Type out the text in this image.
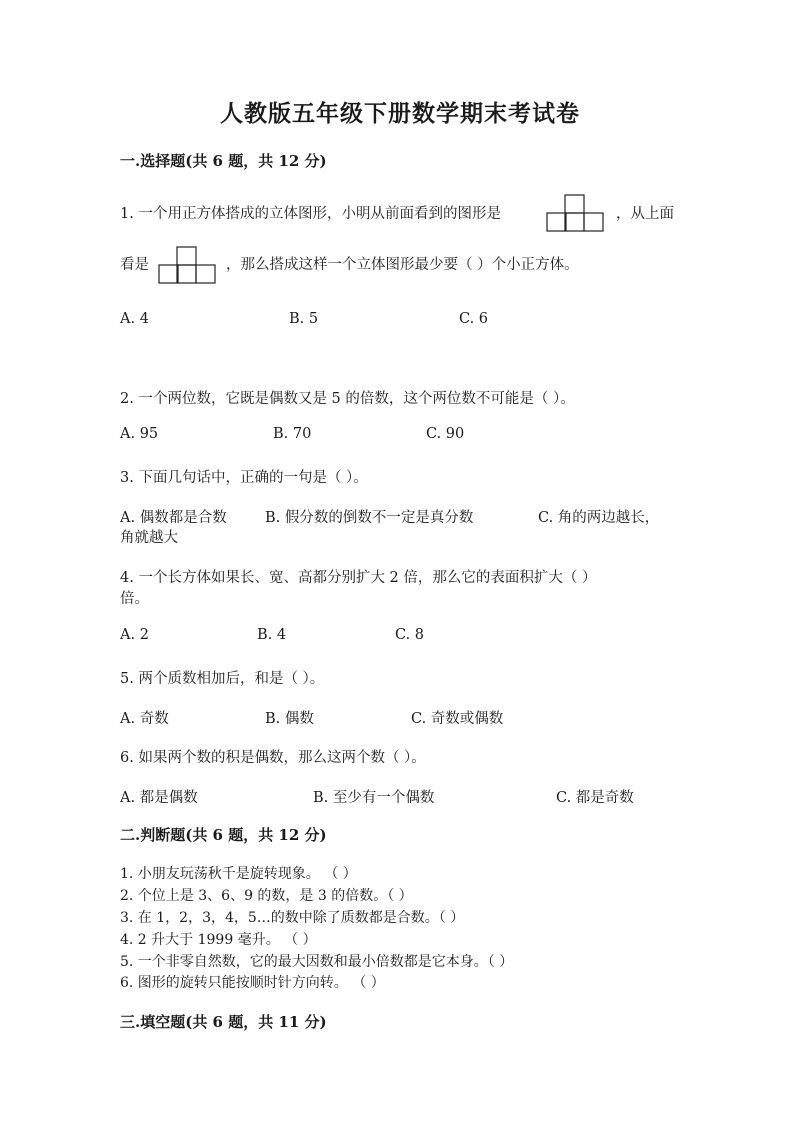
人教版五年级下册数学期末考试卷
一.选择题(共 6 题，共 12 分)
1. 一个用正方体搭成的立体图形，小明从前面看到的图形是	，从上面
看是	，那么搭成这样一个立体图形最少要（ ）个小正方体。
A. 4	B. 5	C. 6
2. 一个两位数，它既是偶数又是 5 的倍数，这个两位数不可能是（ ）。
A. 95	B. 70	C. 90
3. 下面几句话中，正确的一句是（ ）。
A. 偶数都是合数	B. 假分数的倒数不一定是真分数	C. 角的两边越长，
角就越大
4. 一个长方体如果长、宽、高都分别扩大 2 倍，那么它的表面积扩大（ ）
倍。
A. 2	B. 4	C. 8
5. 两个质数相加后，和是（ ）。
A. 奇数	B. 偶数	C. 奇数或偶数
6. 如果两个数的积是偶数，那么这两个数（ ）。
A. 都是偶数	B. 至少有一个偶数	C. 都是奇数
二.判断题(共 6 题，共 12 分)
1. 小朋友玩荡秋千是旋转现象。 （ ）
2. 个位上是 3、6、9 的数，是 3 的倍数。（ ）
3. 在 1，2，3，4，5…的数中除了质数都是合数。（ ）
4. 2 升大于 1999 毫升。 （ ）
5. 一个非零自然数，它的最大因数和最小倍数都是它本身。（ ）
6. 图形的旋转只能按顺时针方向转。 （ ）
三.填空题(共 6 题，共 11 分)
